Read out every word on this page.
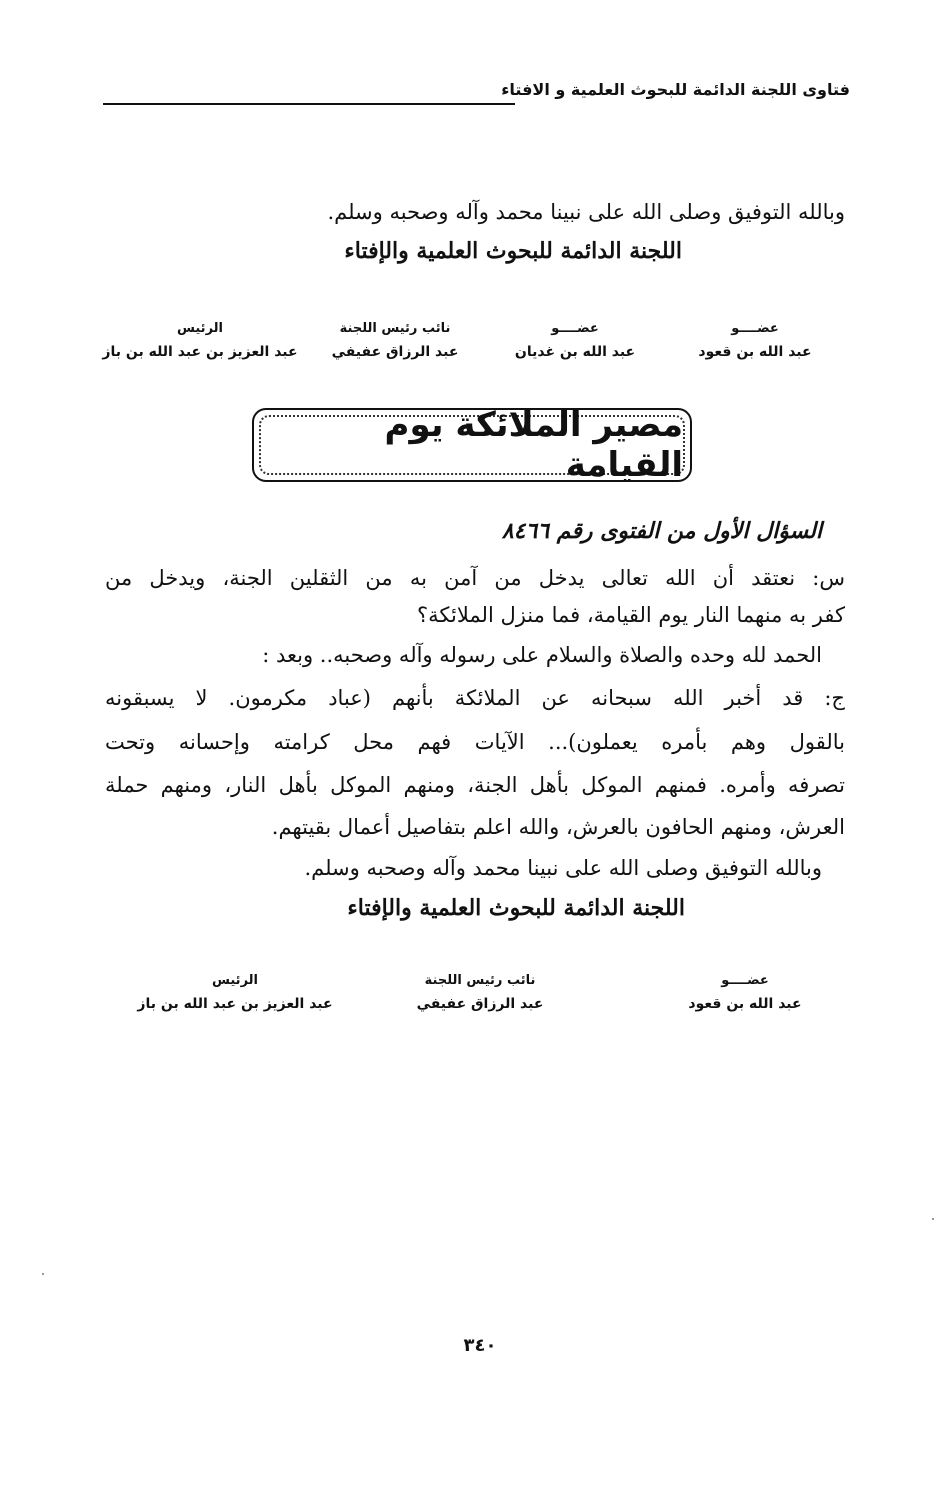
فتاوى اللجنة الدائمة للبحوث العلمية و الافتاء
وبالله التوفيق وصلى الله على نبينا محمد وآله وصحبه وسلم.
اللجنة الدائمة للبحوث العلمية والإفتاء
عضــــو
عبد الله بن قعود
عضــــو
عبد الله بن غديان
نائب رئيس اللجنة
عبد الرزاق عفيفي
الرئيس
عبد العزيز بن عبد الله بن باز
مصير الملائكة يوم القيامة
السؤال الأول من الفتوى رقم ٨٤٦٦
س: نعتقد أن الله تعالى يدخل من آمن به من الثقلين الجنة، ويدخل من
كفر به منهما النار يوم القيامة، فما منزل الملائكة؟
الحمد لله وحده والصلاة والسلام على رسوله وآله وصحبه.. وبعد :
ج: قد أخبر الله سبحانه عن الملائكة بأنهم (عباد مكرمون. لا يسبقونه
بالقول وهم بأمره يعملون)... الآيات فهم محل كرامته وإحسانه وتحت
تصرفه وأمره. فمنهم الموكل بأهل الجنة، ومنهم الموكل بأهل النار، ومنهم حملة
العرش، ومنهم الحافون بالعرش، والله اعلم بتفاصيل أعمال بقيتهم.
وبالله التوفيق وصلى الله على نبينا محمد وآله وصحبه وسلم.
اللجنة الدائمة للبحوث العلمية والإفتاء
عضــــو
عبد الله بن قعود
نائب رئيس اللجنة
عبد الرزاق عفيفي
الرئيس
عبد العزيز بن عبد الله بن باز
٣٤٠
